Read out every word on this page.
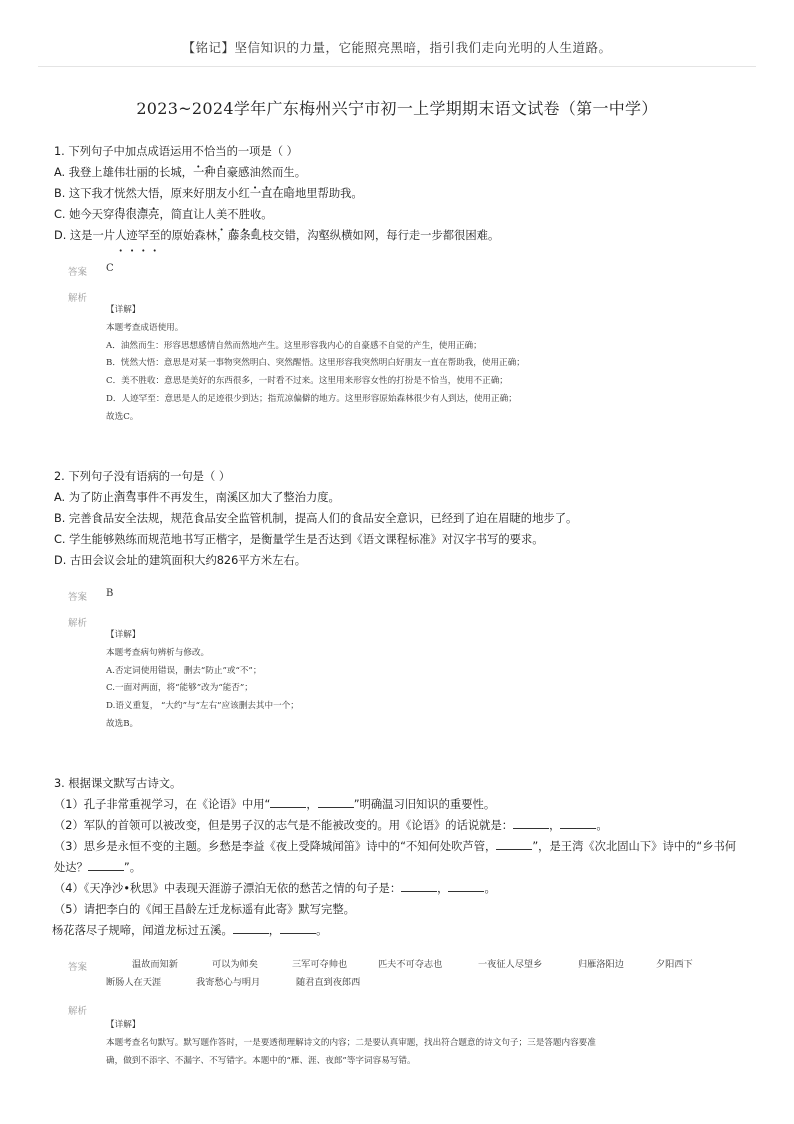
【铭记】坚信知识的力量，它能照亮黑暗，指引我们走向光明的人生道路。
2023~2024学年广东梅州兴宁市初一上学期期末语文试卷（第一中学）
1. 下列句子中加点成语运用不恰当的一项是（ ）
A. 我登上雄伟壮丽的长城，一种自豪感油然而生。
B. 这下我才恍然大悟，原来好朋友小红一直在暗地里帮助我。
C. 她今天穿得很漂亮，简直让人美不胜收。
D. 这是一片人迹罕至的原始森林，藤条虬枝交错，沟壑纵横如网，每行走一步都很困难。
答案 C
解析
【详解】
本题考查成语使用。
A．油然而生：形容思想感情自然而然地产生。这里形容我内心的自豪感不自觉的产生，使用正确；
B．恍然大悟：意思是对某一事物突然明白、突然醒悟。这里形容我突然明白好朋友一直在帮助我，使用正确；
C．美不胜收：意思是美好的东西很多，一时看不过来。这里用来形容女性的打扮是不恰当，使用不正确；
D．人迹罕至：意思是人的足迹很少到达；指荒凉偏僻的地方。这里形容原始森林很少有人到达，使用正确；
故选C。
2. 下列句子没有语病的一句是（ ）
A. 为了防止酒驾事件不再发生，南溪区加大了整治力度。
B. 完善食品安全法规，规范食品安全监管机制，提高人们的食品安全意识，已经到了迫在眉睫的地步了。
C. 学生能够熟练而规范地书写正楷字，是衡量学生是否达到《语文课程标准》对汉字书写的要求。
D. 古田会议会址的建筑面积大约826平方米左右。
答案 B
解析
【详解】
本题考查病句辨析与修改。
A.否定词使用错误，删去“防止”或“不”；
C.一面对两面，将“能够”改为“能否”；
D.语义重复， “大约”与“左右”应该删去其中一个；
故选B。
3. 根据课文默写古诗文。
（1）孔子非常重视学习，在《论语》中用“	，	”明确温习旧知识的重要性。
（2）军队的首领可以被改变，但是男子汉的志气是不能被改变的。用《论语》的话说就是：	，	。
（3）思乡是永恒不变的主题。乡愁是李益《夜上受降城闻笛》诗中的“不知何处吹芦管，	”，是王湾《次北固山下》诗中的“乡书何
处达？	”。
（4）《天净沙•秋思》中表现天涯游子漂泊无依的愁苦之情的句子是：	，	。
（5）请把李白的《闻王昌龄左迁龙标遥有此寄》默写完整。
杨花落尽子规啼，闻道龙标过五溪。	，	。
答案	温故而知新	可以为师矣	三军可夺帅也	匹夫不可夺志也	一夜征人尽望乡	归雁洛阳边	夕阳西下
断肠人在天涯	我寄愁心与明月	随君直到夜郎西
解析
【详解】
本题考查名句默写。默写题作答时，一是要透彻理解诗文的内容；二是要认真审题，找出符合题意的诗文句子；三是答题内容要准
确，做到不添字、不漏字、不写错字。本题中的“雁、涯、夜郎”等字词容易写错。
